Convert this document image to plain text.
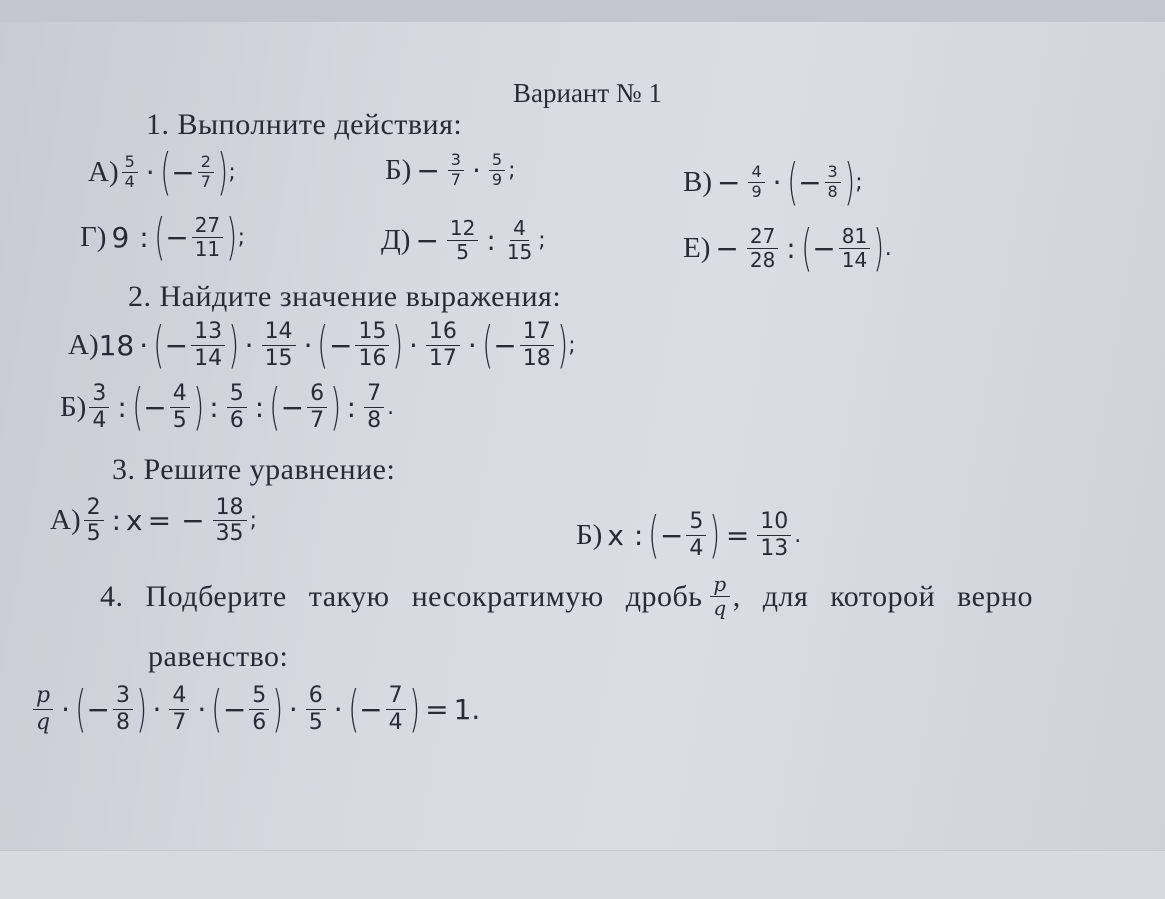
Вариант № 1
1. Выполните действия:
$А) \frac{5}{4}$ · ( − $\frac{2}{7}$ ) ;	$Б) - \frac{3}{7} \cdot \frac{5}{9}$ ;	$В) - \frac{4}{9}$ · ( − $\frac{3}{8}$ ) ;
Г) 9 : ( − $\frac{27}{11}$ ) ;	$Д) - \frac{12}{5}$ : $\frac{4}{15}$ ;	$Е) - \frac{27}{28}$ : ( − $\frac{81}{14}$ ) .
2. Найдите значение выражения:
А) 18 · ( − $\frac{13}{14}$ ) · $\frac{14}{15}$ · ( − $\frac{15}{16}$ ) · $\frac{16}{17}$ · ( − $\frac{17}{18}$ ) ;
$Б) \frac{3}{4}$ : ( − $\frac{4}{5}$ ) : $\frac{5}{6}$ : ( − $\frac{6}{7}$ ) : $\frac{7}{8}$ .
3. Решите уравнение:
$А) \frac{2}{5}$ : x = − $\frac{18}{35}$ ;	Б) x : ( − $\frac{5}{4}$ ) = $\frac{10}{13}$ .
4. Подберите такую несократимую дробь $\frac{p}{q}$ , для которой верно
равенство:
$\frac{p}{q}$ · ( − $\frac{3}{8}$ ) · $\frac{4}{7}$ · ( − $\frac{5}{6}$ ) · $\frac{6}{5}$ · ( − $\frac{7}{4}$ ) = 1.
